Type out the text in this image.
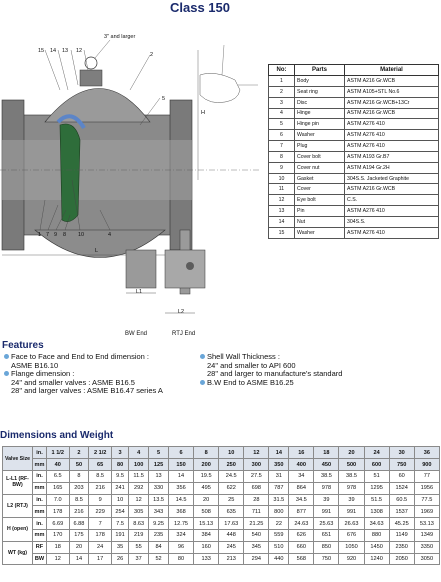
Class 150
15 14 13 12
3" and larger
2
5
1 7 9 8 10	4
L
H
L1
L2
BW End	RTJ End
No:	Parts	Material
1	Body	ASTM A216 Gr.WCB
2	Seat ring	ASTM A105+STL No.6
3	Disc	ASTM A216 Gr.WCB+13Cr
4	Hinge	ASTM A216 Gr.WCB
5	Hinge pin	ASTM A276 410
6	Washer	ASTM A276 410
7	Plug	ASTM A276 410
8	Cover bolt	ASTM A193 Gr.B7
9	Cover nut	ASTM A194 Gr.2H
10	Gasket	304S.S. Jacketed Graphite
11	Cover	ASTM A216 Gr.WCB
12	Eye bolt	C.S.
13	Pin	ASTM A276 410
14	Nut	304S.S.
15	Washer	ASTM A276 410
Features
Face to Face and End to End dimension :
ASME B16.10
Flange dimension :
24" and smaller valves : ASME B16.5
28" and larger valves : ASME B16.47 series A
Shell Wall Thickness :
24" and smaller to API 600
28" and larger to manufacture's standard
B.W End to ASME B16.25
Dimensions and Weight
Valve Size	in.	1 1/2	2	2 1/2	3	4	5	6	8	10	12	14	16	18	20	24	30	36
	mm	40	50	65	80	100	125	150	200	250	300	350	400	450	500	600	750	900
L-L1 (RF-BW)	in.	6.5	8	8.5	9.5	11.5	13	14	19.5	24.5	27.5	31	34	38.5	38.5	51	60	77
	mm	165	203	216	241	292	330	356	495	622	698	787	864	978	978	1295	1524	1956
L2 (RTJ)	in.	7.0	8.5	9	10	12	13.5	14.5	20	25	28	31.5	34.5	39	39	51.5	60.5	77.5
	mm	178	216	229	254	305	343	368	508	635	711	800	877	991	991	1308	1537	1969
H (open)	in.	6.69	6.88	7	7.5	8.63	9.25	12.75	15.13	17.63	21.25	22	24.63	25.63	26.63	34.63	45.25	53.13
	mm	170	175	178	191	219	235	324	384	448	540	559	626	651	676	880	1149	1349
WT (kg)	RF	18	20	24	35	55	84	96	160	245	345	510	660	850	1050	1450	2350	3350
	BW	12	14	17	26	37	52	80	133	213	294	440	568	750	920	1240	2050	3050
